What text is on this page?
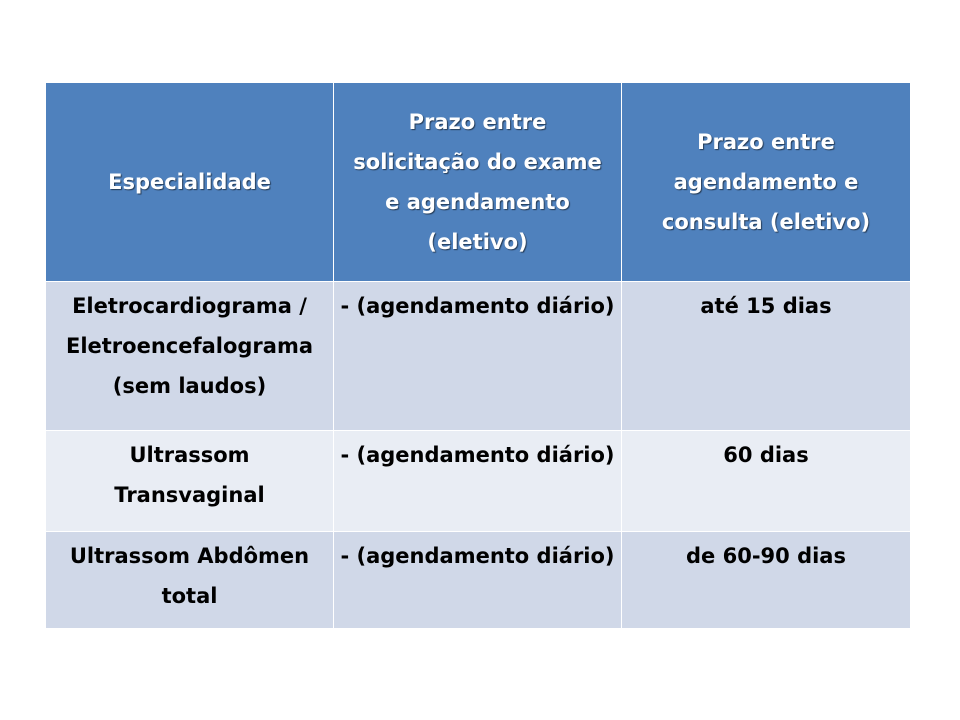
Especialidade	Prazo entre solicitação do exame e agendamento (eletivo)	Prazo entre agendamento e consulta (eletivo)

Eletrocardiograma / Eletroencefalograma (sem laudos)	- (agendamento diário)	até 15 dias

Ultrassom Transvaginal	- (agendamento diário)	60 dias

Ultrassom Abdômen total	- (agendamento diário)	de 60-90 dias
